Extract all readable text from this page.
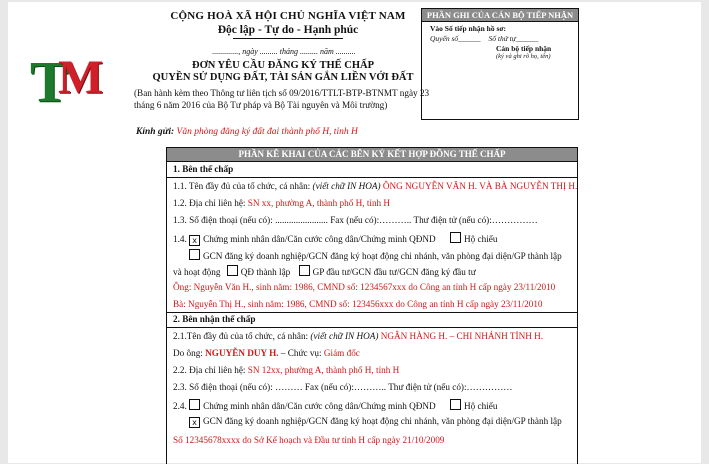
T
M
CỘNG HOÀ XÃ HỘI CHỦ NGHĨA VIỆT NAM
Độc lập - Tự do - Hạnh phúc
............., ngày ......... tháng ......... năm ..........
ĐƠN YÊU CẦU ĐĂNG KÝ THẾ CHẤP
QUYỀN SỬ DỤNG ĐẤT, TÀI SẢN GẮN LIỀN VỚI ĐẤT
(Ban hành kèm theo Thông tư liên tịch số 09/2016/TTLT-BTP-BTNMT ngày 23 tháng 6 năm 2016 của Bộ Tư pháp và Bộ Tài nguyên và Môi trường)
Kính gửi: Văn phòng đăng ký đất đai thành phố H, tỉnh H
PHẦN GHI CỦA CÁN BỘ TIẾP NHẬN
Vào Sổ tiếp nhận hồ sơ:
Quyển số______ Số thứ tự______
Cán bộ tiếp nhận
(ký và ghi rõ họ, tên)
PHẦN KÊ KHAI CỦA CÁC BÊN KÝ KẾT HỢP ĐỒNG THẾ CHẤP
1. Bên thế chấp
1.1. Tên đầy đủ của tổ chức, cá nhân: (viết chữ IN HOA) ÔNG NGUYỄN VĂN H. VÀ BÀ NGUYỄN THỊ H.
1.2. Địa chỉ liên hệ: SN xx, phường A, thành phố H, tỉnh H
1.3. Số điện thoại (nếu có): ....................... Fax (nếu có):……….. Thư điện tử (nếu có):……………
1.4. x Chứng minh nhân dân/Căn cước công dân/Chứng minh QĐND	Hộ chiếu
GCN đăng ký doanh nghiệp/GCN đăng ký hoạt động chi nhánh, văn phòng đại diện/GP thành lập
và hoạt động QĐ thành lập GP đầu tư/GCN đầu tư/GCN đăng ký đầu tư
Ông: Nguyễn Văn H., sinh năm: 1986, CMND số: 1234567xxx do Công an tỉnh H cấp ngày 23/11/2010
Bà: Nguyễn Thị H., sinh năm: 1986, CMND số: 123456xxx do Công an tỉnh H cấp ngày 23/11/2010
2. Bên nhận thế chấp
2.1.Tên đầy đủ của tổ chức, cá nhân: (viết chữ IN HOA) NGÂN HÀNG H. – CHI NHÁNH TỈNH H.
Do ông: NGUYỄN DUY H. – Chức vụ: Giám đốc
2.2. Địa chỉ liên hệ: SN 12xx, phường A, thành phố H, tỉnh H
2.3. Số điện thoại (nếu có): ……… Fax (nếu có):……….. Thư điện tử (nếu có):……………
2.4. Chứng minh nhân dân/Căn cước công dân/Chứng minh QĐND	Hộ chiếu
x GCN đăng ký doanh nghiệp/GCN đăng ký hoạt động chi nhánh, văn phòng đại diện/GP thành lập
Số 12345678xxxx do Sở Kế hoạch và Đầu tư tỉnh H cấp ngày 21/10/2009
